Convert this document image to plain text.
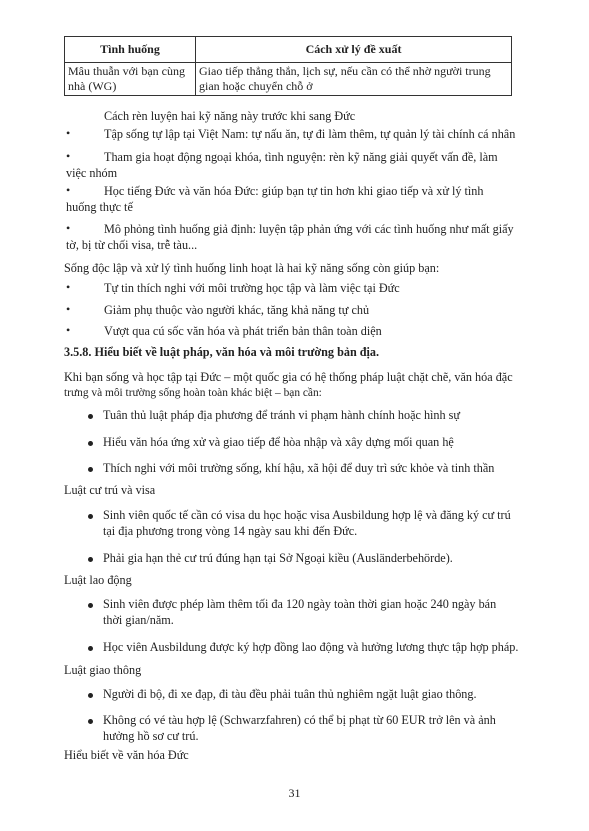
Tình huống	Cách xử lý đề xuất
Mâu thuẫn với bạn cùng nhà (WG)	Giao tiếp thẳng thắn, lịch sự, nếu cần có thể nhờ người trung gian hoặc chuyển chỗ ở
Cách rèn luyện hai kỹ năng này trước khi sang Đức
•	Tập sống tự lập tại Việt Nam: tự nấu ăn, tự đi làm thêm, tự quản lý tài chính cá nhân
•	Tham gia hoạt động ngoại khóa, tình nguyện: rèn kỹ năng giải quyết vấn đề, làm việc nhóm
•	Học tiếng Đức và văn hóa Đức: giúp bạn tự tin hơn khi giao tiếp và xử lý tình huống thực tế
•	Mô phỏng tình huống giả định: luyện tập phản ứng với các tình huống như mất giấy tờ, bị từ chối visa, trễ tàu...
Sống độc lập và xử lý tình huống linh hoạt là hai kỹ năng sống còn giúp bạn:
•	Tự tin thích nghi với môi trường học tập và làm việc tại Đức
•	Giảm phụ thuộc vào người khác, tăng khả năng tự chủ
•	Vượt qua cú sốc văn hóa và phát triển bản thân toàn diện
3.5.8. Hiểu biết về luật pháp, văn hóa và môi trường bản địa.
Khi bạn sống và học tập tại Đức – một quốc gia có hệ thống pháp luật chặt chẽ, văn hóa đặc
trưng và môi trường sống hoàn toàn khác biệt – bạn cần:
Tuân thủ luật pháp địa phương để tránh vi phạm hành chính hoặc hình sự
Hiểu văn hóa ứng xử và giao tiếp để hòa nhập và xây dựng mối quan hệ
Thích nghi với môi trường sống, khí hậu, xã hội để duy trì sức khỏe và tinh thần
Luật cư trú và visa
Sinh viên quốc tế cần có visa du học hoặc visa Ausbildung hợp lệ và đăng ký cư trú tại địa phương trong vòng 14 ngày sau khi đến Đức.
Phải gia hạn thẻ cư trú đúng hạn tại Sở Ngoại kiều (Ausländerbehörde).
Luật lao động
Sinh viên được phép làm thêm tối đa 120 ngày toàn thời gian hoặc 240 ngày bán thời gian/năm.
Học viên Ausbildung được ký hợp đồng lao động và hưởng lương thực tập hợp pháp.
Luật giao thông
Người đi bộ, đi xe đạp, đi tàu đều phải tuân thủ nghiêm ngặt luật giao thông.
Không có vé tàu hợp lệ (Schwarzfahren) có thể bị phạt từ 60 EUR trở lên và ảnh hưởng hồ sơ cư trú.
Hiểu biết về văn hóa Đức
31
